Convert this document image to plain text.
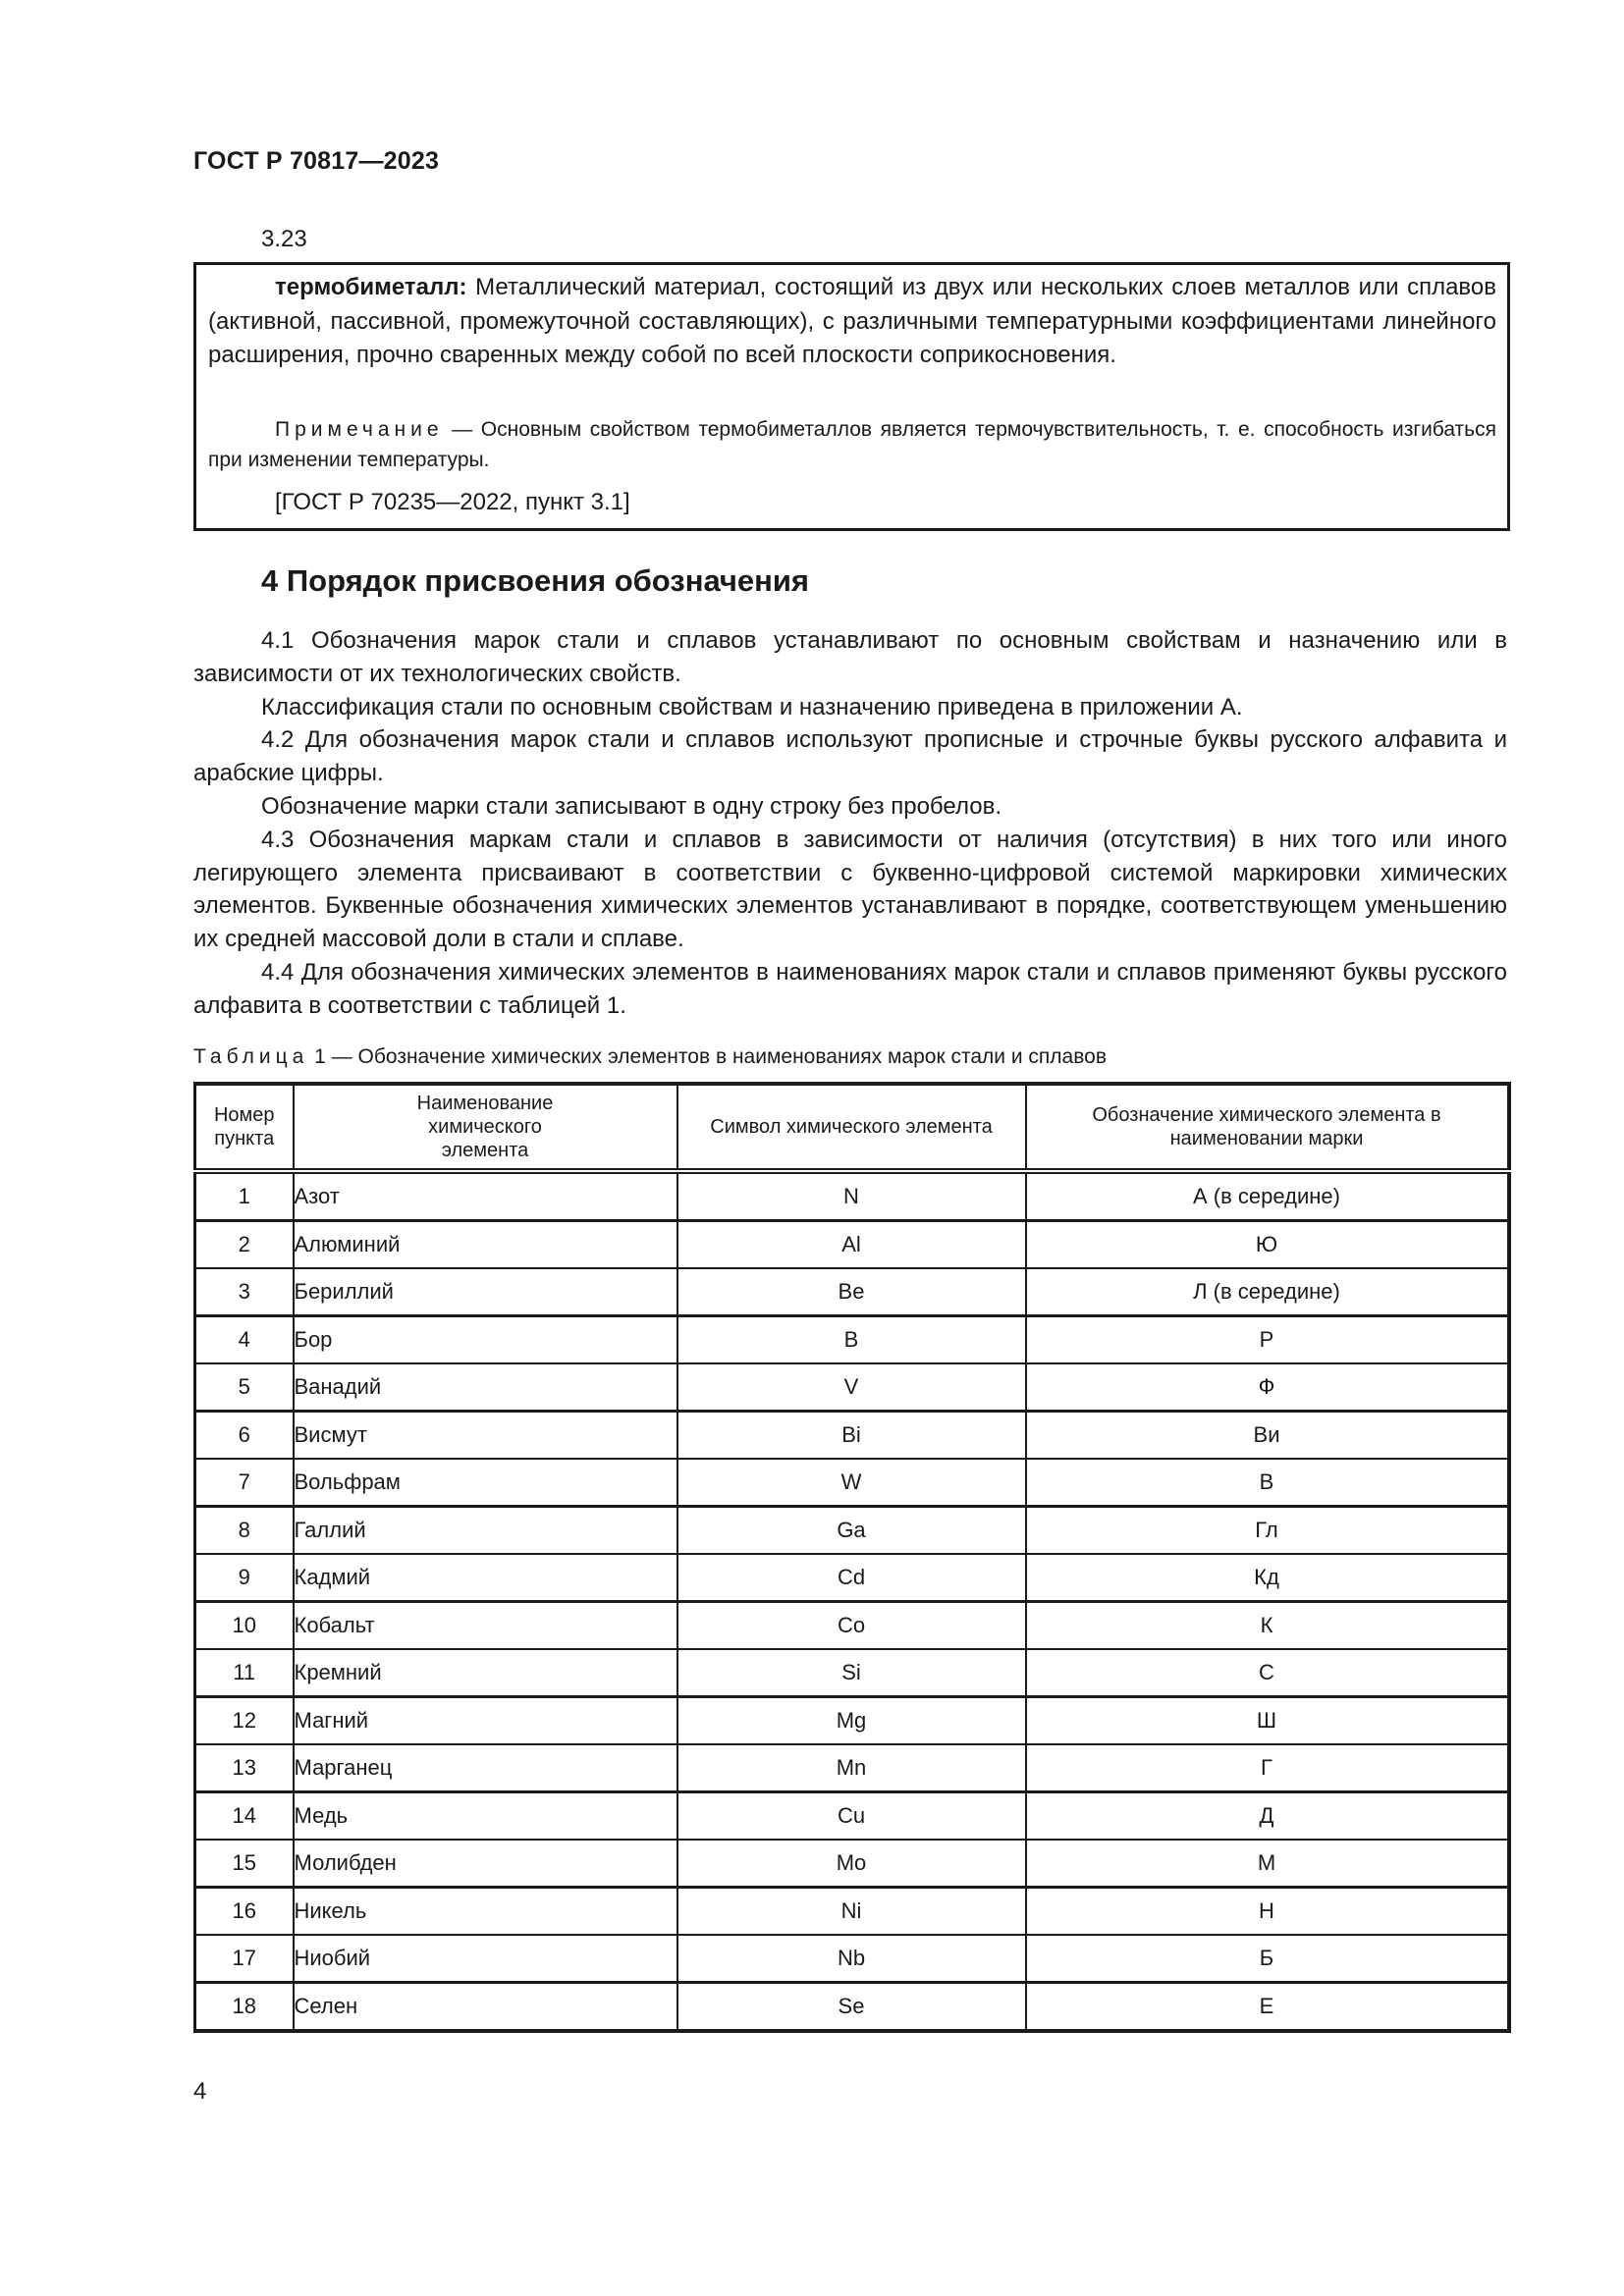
ГОСТ Р 70817—2023
3.23

термобиметалл: Металлический материал, состоящий из двух или нескольких слоев металлов или сплавов (активной, пассивной, промежуточной составляющих), с различными температурными коэффициентами линейного расширения, прочно сваренных между собой по всей плоскости соприкосновения.

Примечание — Основным свойством термобиметаллов является термочувствительность, т. е. способность изгибаться при изменении температуры.

[ГОСТ Р 70235—2022, пункт 3.1]

4 Порядок присвоения обозначения

4.1 Обозначения марок стали и сплавов устанавливают по основным свойствам и назначению или в зависимости от их технологических свойств.

Классификация стали по основным свойствам и назначению приведена в приложении А.

4.2 Для обозначения марок стали и сплавов используют прописные и строчные буквы русского алфавита и арабские цифры.

Обозначение марки стали записывают в одну строку без пробелов.

4.3 Обозначения маркам стали и сплавов в зависимости от наличия (отсутствия) в них того или иного легирующего элемента присваивают в соответствии с буквенно-цифровой системой маркировки химических элементов. Буквенные обозначения химических элементов устанавливают в порядке, соответствующем уменьшению их средней массовой доли в стали и сплаве.

4.4 Для обозначения химических элементов в наименованиях марок стали и сплавов применяют буквы русского алфавита в соответствии с таблицей 1.

Таблица 1 — Обозначение химических элементов в наименованиях марок стали и сплавов
Номер пункта	Наименование химического элемента	Символ химического элемента	Обозначение химического элемента в наименовании марки
1	Азот	N	А (в середине)
2	Алюминий	Al	Ю
3	Бериллий	Be	Л (в середине)
4	Бор	B	Р
5	Ванадий	V	Ф
6	Висмут	Bi	Ви
7	Вольфрам	W	В
8	Галлий	Ga	Гл
9	Кадмий	Cd	Кд
10	Кобальт	Co	К
11	Кремний	Si	С
12	Магний	Mg	Ш
13	Марганец	Mn	Г
14	Медь	Cu	Д
15	Молибден	Mo	М
16	Никель	Ni	Н
17	Ниобий	Nb	Б
18	Селен	Se	Е
4
